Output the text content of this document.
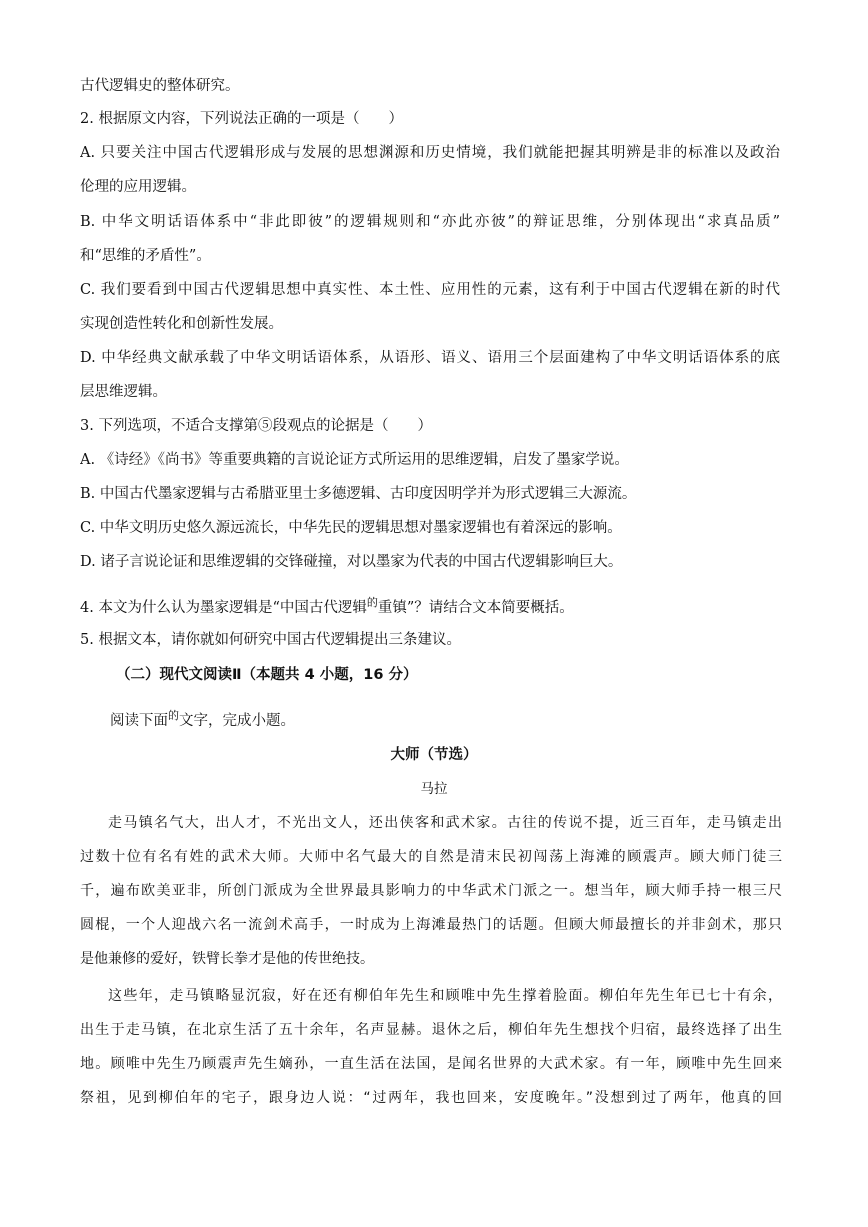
古代逻辑史的整体研究。
2. 根据原文内容，下列说法正确的一项是（　　）
A. 只要关注中国古代逻辑形成与发展的思想渊源和历史情境，我们就能把握其明辨是非的标准以及政治
伦理的应用逻辑。
B. 中华文明话语体系中“非此即彼”的逻辑规则和“亦此亦彼”的辩证思维，分别体现出“求真品质”
和“思维的矛盾性”。
C. 我们要看到中国古代逻辑思想中真实性、本土性、应用性的元素，这有利于中国古代逻辑在新的时代
实现创造性转化和创新性发展。
D. 中华经典文献承载了中华文明话语体系，从语形、语义、语用三个层面建构了中华文明话语体系的底
层思维逻辑。
3. 下列选项，不适合支撑第⑤段观点的论据是（　　）
A. 《诗经》《尚书》等重要典籍的言说论证方式所运用的思维逻辑，启发了墨家学说。
B. 中国古代墨家逻辑与古希腊亚里士多德逻辑、古印度因明学并为形式逻辑三大源流。
C. 中华文明历史悠久源远流长，中华先民的逻辑思想对墨家逻辑也有着深远的影响。
D. 诸子言说论证和思维逻辑的交锋碰撞，对以墨家为代表的中国古代逻辑影响巨大。
4. 本文为什么认为墨家逻辑是“中国古代逻辑$^的$重镇”？请结合文本简要概括。
5. 根据文本，请你就如何研究中国古代逻辑提出三条建议。
（二）现代文阅读Ⅱ（本题共 4 小题，16 分）
阅读下面$^的$文字，完成小题。
大师（节选）
马拉
走马镇名气大，出人才，不光出文人，还出侠客和武术家。古往的传说不提，近三百年，走马镇走出
过数十位有名有姓的武术大师。大师中名气最大的自然是清末民初闯荡上海滩的顾震声。顾大师门徒三
千，遍布欧美亚非，所创门派成为全世界最具影响力的中华武术门派之一。想当年，顾大师手持一根三尺
圆棍，一个人迎战六名一流剑术高手，一时成为上海滩最热门的话题。但顾大师最擅长的并非剑术，那只
是他兼修的爱好，铁臂长拳才是他的传世绝技。
这些年，走马镇略显沉寂，好在还有柳伯年先生和顾唯中先生撑着脸面。柳伯年先生年已七十有余，
出生于走马镇，在北京生活了五十余年，名声显赫。退休之后，柳伯年先生想找个归宿，最终选择了出生
地。顾唯中先生乃顾震声先生嫡孙，一直生活在法国，是闻名世界的大武术家。有一年，顾唯中先生回来
祭祖，见到柳伯年的宅子，跟身边人说：“过两年，我也回来，安度晚年。”没想到过了两年，他真的回
